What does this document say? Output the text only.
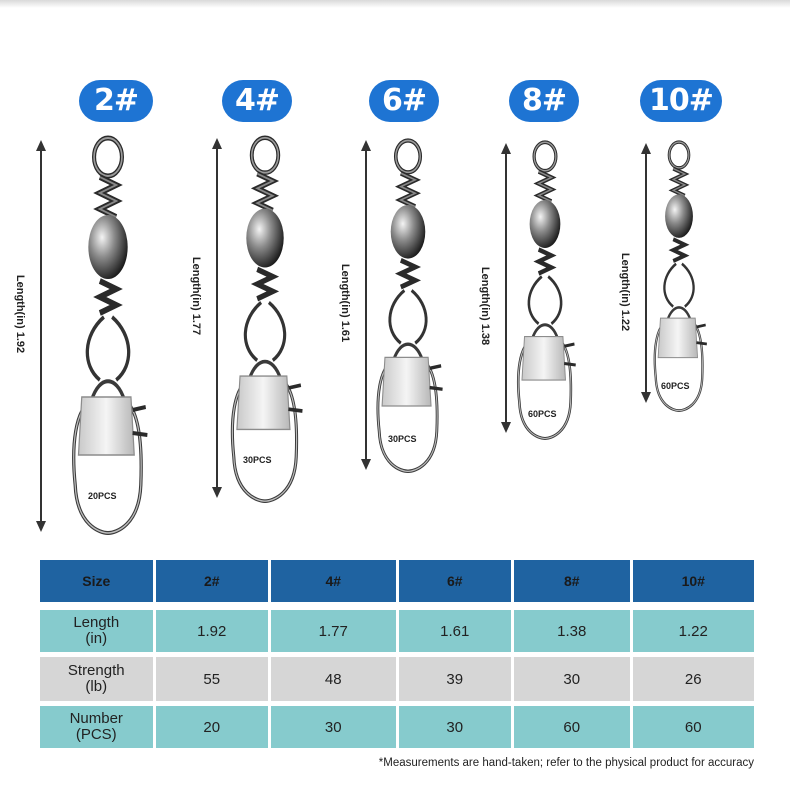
2#	4#	6#	8#	10#
Length(in) 1.92	Length(in) 1.77	Length(in) 1.61	Length(in) 1.38	Length(in) 1.22
20PCS
30PCS
30PCS
60PCS
60PCS
Size	2#	4#	6#	8#	10#
Length
(in)	1.92	1.77	1.61	1.38	1.22
Strength
(lb)	55	48	39	30	26
Number
(PCS)	20	30	30	60	60
*Measurements are hand-taken; refer to the physical product for accuracy
